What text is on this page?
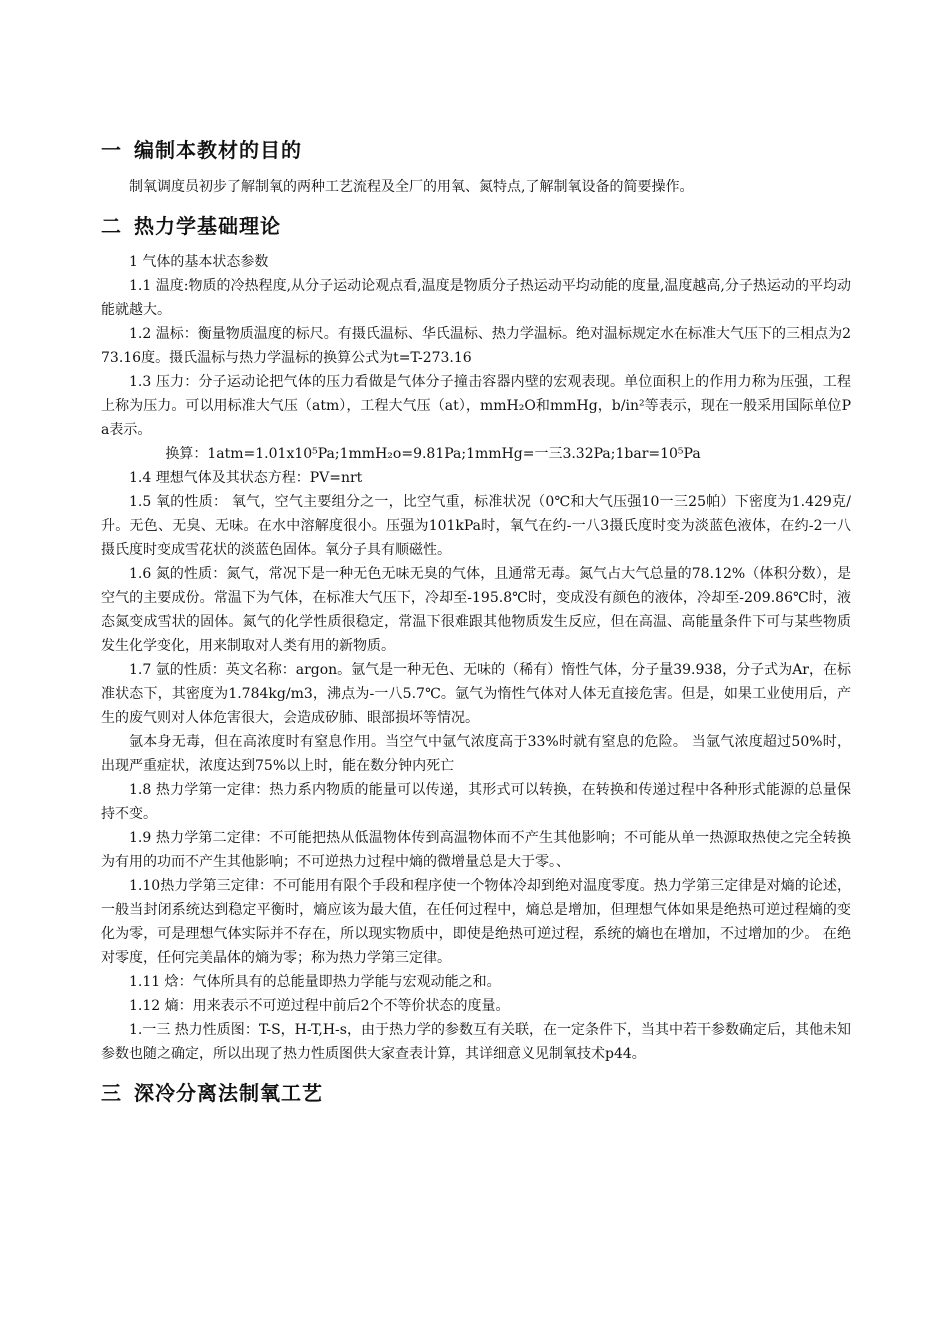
一 编制本教材的目的

制氧调度员初步了解制氧的两种工艺流程及全厂的用氧、氮特点,了解制氧设备的简要操作。

二 热力学基础理论

1 气体的基本状态参数

1.1 温度:物质的冷热程度,从分子运动论观点看,温度是物质分子热运动平均动能的度量,温度越高,分子热运动的平均动能就越大。

1.2 温标：衡量物质温度的标尺。有摄氏温标、华氏温标、热力学温标。绝对温标规定水在标准大气压下的三相点为273.16度。摄氏温标与热力学温标的换算公式为t=T-273.16

1.3 压力：分子运动论把气体的压力看做是气体分子撞击容器内壁的宏观表现。单位面积上的作用力称为压强，工程上称为压力。可以用标准大气压（atm），工程大气压（at），mmH₂O和mmHg，b/in²等表示，现在一般采用国际单位Pa表示。

换算：1atm=1.01x10⁵Pa;1mmH₂o=9.81Pa;1mmHg=一三3.32Pa;1bar=10⁵Pa

1.4 理想气体及其状态方程：PV=nrt

1.5 氧的性质： 氧气，空气主要组分之一，比空气重，标准状况（0℃和大气压强10一三25帕）下密度为1.429克/升。无色、无臭、无味。在水中溶解度很小。压强为101kPa时，氧气在约-一八3摄氏度时变为淡蓝色液体，在约-2一八摄氏度时变成雪花状的淡蓝色固体。氧分子具有顺磁性。

1.6 氮的性质：氮气，常况下是一种无色无味无臭的气体，且通常无毒。氮气占大气总量的78.12%（体积分数），是空气的主要成份。常温下为气体，在标准大气压下，冷却至-195.8℃时，变成没有颜色的液体，冷却至-209.86℃时，液态氮变成雪状的固体。氮气的化学性质很稳定，常温下很难跟其他物质发生反应，但在高温、高能量条件下可与某些物质发生化学变化，用来制取对人类有用的新物质。

1.7 氩的性质：英文名称：argon。氩气是一种无色、无味的（稀有）惰性气体，分子量39.938，分子式为Ar，在标准状态下，其密度为1.784kg/m3，沸点为-一八5.7℃。氩气为惰性气体对人体无直接危害。但是，如果工业使用后，产生的废气则对人体危害很大，会造成矽肺、眼部损坏等情况。

氩本身无毒，但在高浓度时有窒息作用。当空气中氩气浓度高于33%时就有窒息的危险。 当氩气浓度超过50%时，出现严重症状，浓度达到75%以上时，能在数分钟内死亡

1.8 热力学第一定律：热力系内物质的能量可以传递，其形式可以转换，在转换和传递过程中各种形式能源的总量保持不变。

1.9 热力学第二定律：不可能把热从低温物体传到高温物体而不产生其他影响；不可能从单一热源取热使之完全转换为有用的功而不产生其他影响；不可逆热力过程中熵的微增量总是大于零。、

1.10热力学第三定律：不可能用有限个手段和程序使一个物体冷却到绝对温度零度。热力学第三定律是对熵的论述，一般当封闭系统达到稳定平衡时，熵应该为最大值，在任何过程中，熵总是增加，但理想气体如果是绝热可逆过程熵的变化为零，可是理想气体实际并不存在，所以现实物质中，即使是绝热可逆过程，系统的熵也在增加，不过增加的少。 在绝对零度，任何完美晶体的熵为零；称为热力学第三定律。

1.11 焓：气体所具有的总能量即热力学能与宏观动能之和。

1.12 熵：用来表示不可逆过程中前后2个不等价状态的度量。

1.一三 热力性质图：T-S，H-T,H-s，由于热力学的参数互有关联，在一定条件下，当其中若干参数确定后，其他未知参数也随之确定，所以出现了热力性质图供大家查表计算，其详细意义见制氧技术p44。

三 深冷分离法制氧工艺
